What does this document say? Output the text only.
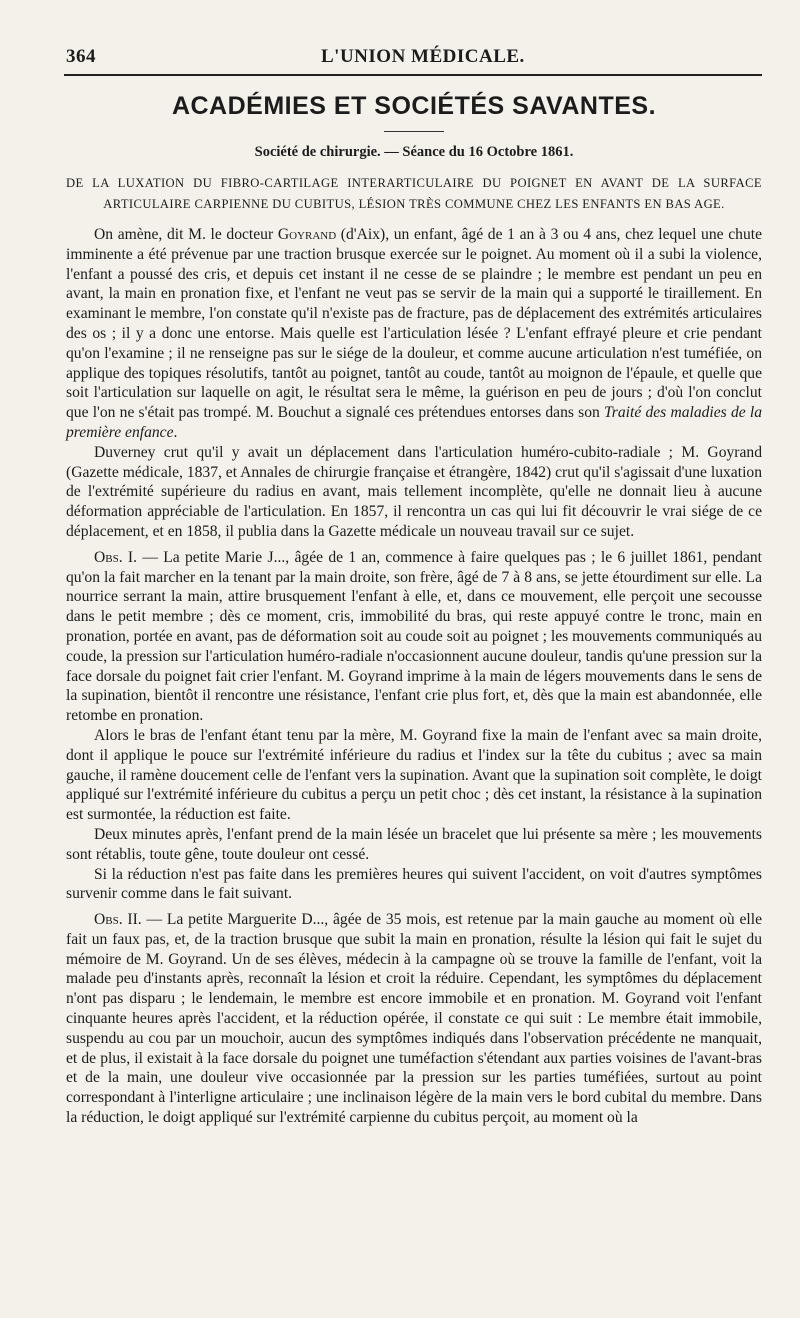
364	L'UNION MÉDICALE.
ACADÉMIES ET SOCIÉTÉS SAVANTES.
Société de chirurgie. — Séance du 16 Octobre 1861.
DE LA LUXATION DU FIBRO-CARTILAGE INTERARTICULAIRE DU POIGNET EN AVANT DE LA SURFACE
ARTICULAIRE CARPIENNE DU CUBITUS, LÉSION TRÈS COMMUNE CHEZ LES ENFANTS EN BAS AGE.

On amène, dit M. le docteur Goyrand (d'Aix), un enfant, âgé de 1 an à 3 ou 4 ans, chez lequel une chute imminente a été prévenue par une traction brusque exercée sur le poignet. Au moment où il a subi la violence, l'enfant a poussé des cris, et depuis cet instant il ne cesse de se plaindre ; le membre est pendant un peu en avant, la main en pronation fixe, et l'enfant ne veut pas se servir de la main qui a supporté le tiraillement. En examinant le membre, l'on constate qu'il n'existe pas de fracture, pas de déplacement des extrémités articulaires des os ; il y a donc une entorse. Mais quelle est l'articulation lésée ? L'enfant effrayé pleure et crie pendant qu'on l'examine ; il ne renseigne pas sur le siége de la douleur, et comme aucune articulation n'est tuméfiée, on applique des topiques résolutifs, tantôt au poignet, tantôt au coude, tantôt au moignon de l'épaule, et quelle que soit l'articulation sur laquelle on agit, le résultat sera le même, la guérison en peu de jours ; d'où l'on conclut que l'on ne s'était pas trompé. M. Bouchut a signalé ces prétendues entorses dans son Traité des maladies de la première enfance.

Duverney crut qu'il y avait un déplacement dans l'articulation huméro-cubito-radiale ; M. Goyrand (Gazette médicale, 1837, et Annales de chirurgie française et étrangère, 1842) crut qu'il s'agissait d'une luxation de l'extrémité supérieure du radius en avant, mais tellement incomplète, qu'elle ne donnait lieu à aucune déformation appréciable de l'articulation. En 1857, il rencontra un cas qui lui fit découvrir le vrai siége de ce déplacement, et en 1858, il publia dans la Gazette médicale un nouveau travail sur ce sujet.

Obs. I. — La petite Marie J..., âgée de 1 an, commence à faire quelques pas ; le 6 juillet 1861, pendant qu'on la fait marcher en la tenant par la main droite, son frère, âgé de 7 à 8 ans, se jette étourdiment sur elle. La nourrice serrant la main, attire brusquement l'enfant à elle, et, dans ce mouvement, elle perçoit une secousse dans le petit membre ; dès ce moment, cris, immobilité du bras, qui reste appuyé contre le tronc, main en pronation, portée en avant, pas de déformation soit au coude soit au poignet ; les mouvements communiqués au coude, la pression sur l'articulation huméro-radiale n'occasionnent aucune douleur, tandis qu'une pression sur la face dorsale du poignet fait crier l'enfant. M. Goyrand imprime à la main de légers mouvements dans le sens de la supination, bientôt il rencontre une résistance, l'enfant crie plus fort, et, dès que la main est abandonnée, elle retombe en pronation.

Alors le bras de l'enfant étant tenu par la mère, M. Goyrand fixe la main de l'enfant avec sa main droite, dont il applique le pouce sur l'extrémité inférieure du radius et l'index sur la tête du cubitus ; avec sa main gauche, il ramène doucement celle de l'enfant vers la supination. Avant que la supination soit complète, le doigt appliqué sur l'extrémité inférieure du cubitus a perçu un petit choc ; dès cet instant, la résistance à la supination est surmontée, la réduction est faite.

Deux minutes après, l'enfant prend de la main lésée un bracelet que lui présente sa mère ; les mouvements sont rétablis, toute gêne, toute douleur ont cessé.

Si la réduction n'est pas faite dans les premières heures qui suivent l'accident, on voit d'autres symptômes survenir comme dans le fait suivant.

Obs. II. — La petite Marguerite D..., âgée de 35 mois, est retenue par la main gauche au moment où elle fait un faux pas, et, de la traction brusque que subit la main en pronation, résulte la lésion qui fait le sujet du mémoire de M. Goyrand. Un de ses élèves, médecin à la campagne où se trouve la famille de l'enfant, voit la malade peu d'instants après, reconnaît la lésion et croit la réduire. Cependant, les symptômes du déplacement n'ont pas disparu ; le lendemain, le membre est encore immobile et en pronation. M. Goyrand voit l'enfant cinquante heures après l'accident, et la réduction opérée, il constate ce qui suit : Le membre était immobile, suspendu au cou par un mouchoir, aucun des symptômes indiqués dans l'observation précédente ne manquait, et de plus, il existait à la face dorsale du poignet une tuméfaction s'étendant aux parties voisines de l'avant-bras et de la main, une douleur vive occasionnée par la pression sur les parties tuméfiées, surtout au point correspondant à l'interligne articulaire ; une inclinaison légère de la main vers le bord cubital du membre. Dans la réduction, le doigt appliqué sur l'extrémité carpienne du cubitus perçoit, au moment où la
